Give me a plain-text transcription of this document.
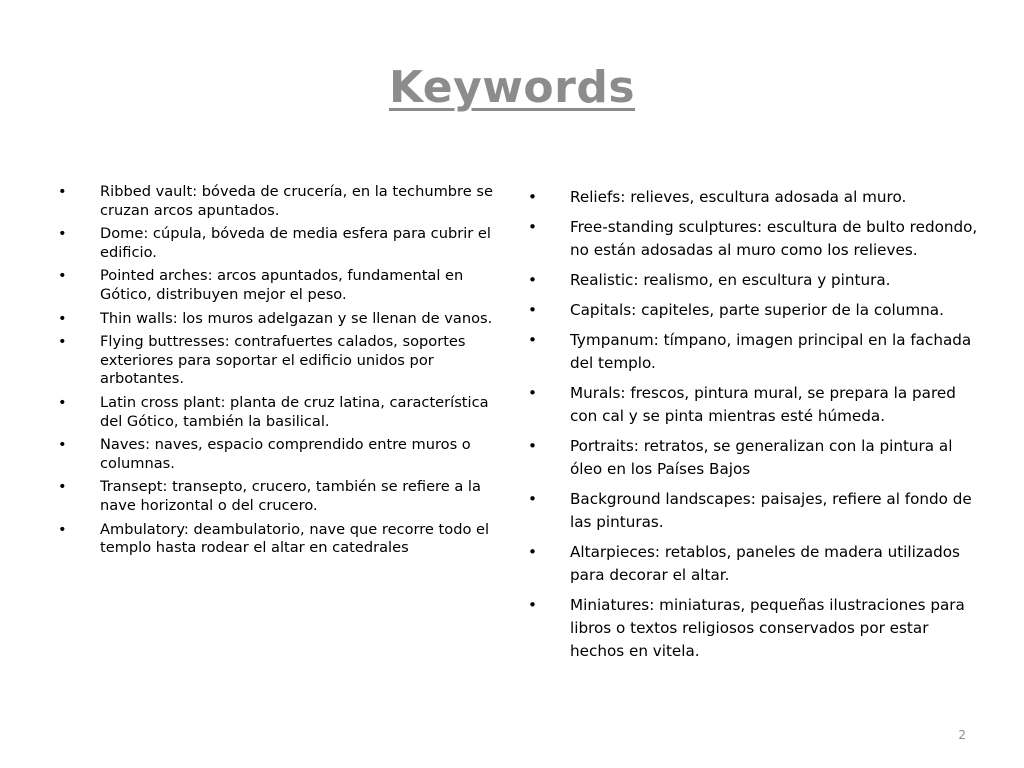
Keywords
• Ribbed vault: bóveda de crucería, en la techumbre se cruzan arcos apuntados.
• Dome: cúpula, bóveda de media esfera para cubrir el edificio.
• Pointed arches: arcos apuntados, fundamental en Gótico, distribuyen mejor el peso.
• Thin walls: los muros adelgazan y se llenan de vanos.
• Flying buttresses: contrafuertes calados, soportes exteriores para soportar el edificio unidos por arbotantes.
• Latin cross plant: planta de cruz latina, característica del Gótico, también la basilical.
• Naves: naves, espacio comprendido entre muros o columnas.
• Transept: transepto, crucero, también se refiere a la nave horizontal o del crucero.
• Ambulatory: deambulatorio, nave que recorre todo el templo hasta rodear el altar en catedrales
• Reliefs: relieves, escultura adosada al muro.
• Free-standing sculptures: escultura de bulto redondo, no están adosadas al muro como los relieves.
• Realistic: realismo, en escultura y pintura.
• Capitals: capiteles, parte superior de la columna.
• Tympanum: tímpano, imagen principal en la fachada del templo.
• Murals: frescos, pintura mural, se prepara la pared con cal y se pinta mientras esté húmeda.
• Portraits: retratos, se generalizan con la pintura al óleo en los Países Bajos
• Background landscapes: paisajes, refiere al fondo de las pinturas.
• Altarpieces: retablos, paneles de madera utilizados para decorar el altar.
• Miniatures: miniaturas, pequeñas ilustraciones para libros o textos religiosos conservados por estar hechos en vitela.
2
